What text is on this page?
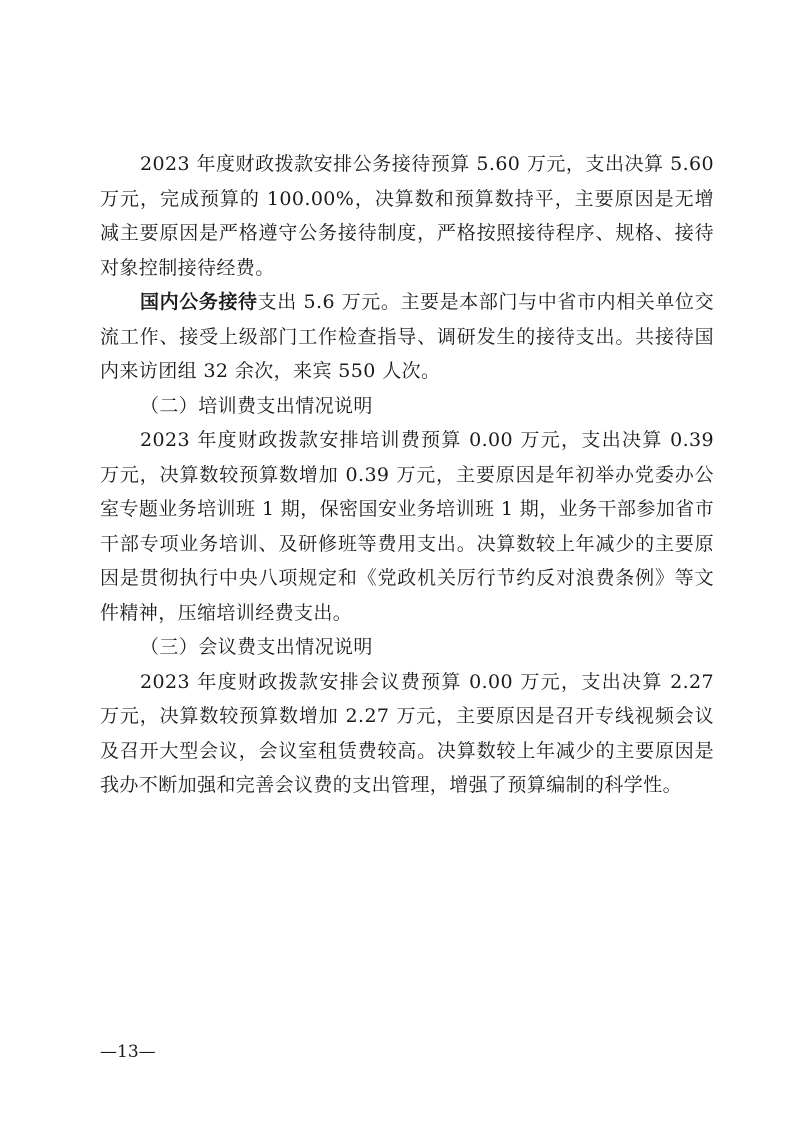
2023 年度财政拨款安排公务接待预算 5.60 万元，支出决算 5.60 万元，完成预算的 100.00%，决算数和预算数持平，主要原因是无增减主要原因是严格遵守公务接待制度，严格按照接待程序、规格、接待对象控制接待经费。

国内公务接待支出 5.6 万元。主要是本部门与中省市内相关单位交流工作、接受上级部门工作检查指导、调研发生的接待支出。共接待国内来访团组 32 余次，来宾 550 人次。

（二）培训费支出情况说明

2023 年度财政拨款安排培训费预算 0.00 万元，支出决算 0.39 万元，决算数较预算数增加 0.39 万元，主要原因是年初举办党委办公室专题业务培训班 1 期，保密国安业务培训班 1 期，业务干部参加省市干部专项业务培训、及研修班等费用支出。决算数较上年减少的主要原因是贯彻执行中央八项规定和《党政机关厉行节约反对浪费条例》等文件精神，压缩培训经费支出。

（三）会议费支出情况说明

2023 年度财政拨款安排会议费预算 0.00 万元，支出决算 2.27 万元，决算数较预算数增加 2.27 万元，主要原因是召开专线视频会议及召开大型会议，会议室租赁费较高。决算数较上年减少的主要原因是我办不断加强和完善会议费的支出管理，增强了预算编制的科学性。

—13—
